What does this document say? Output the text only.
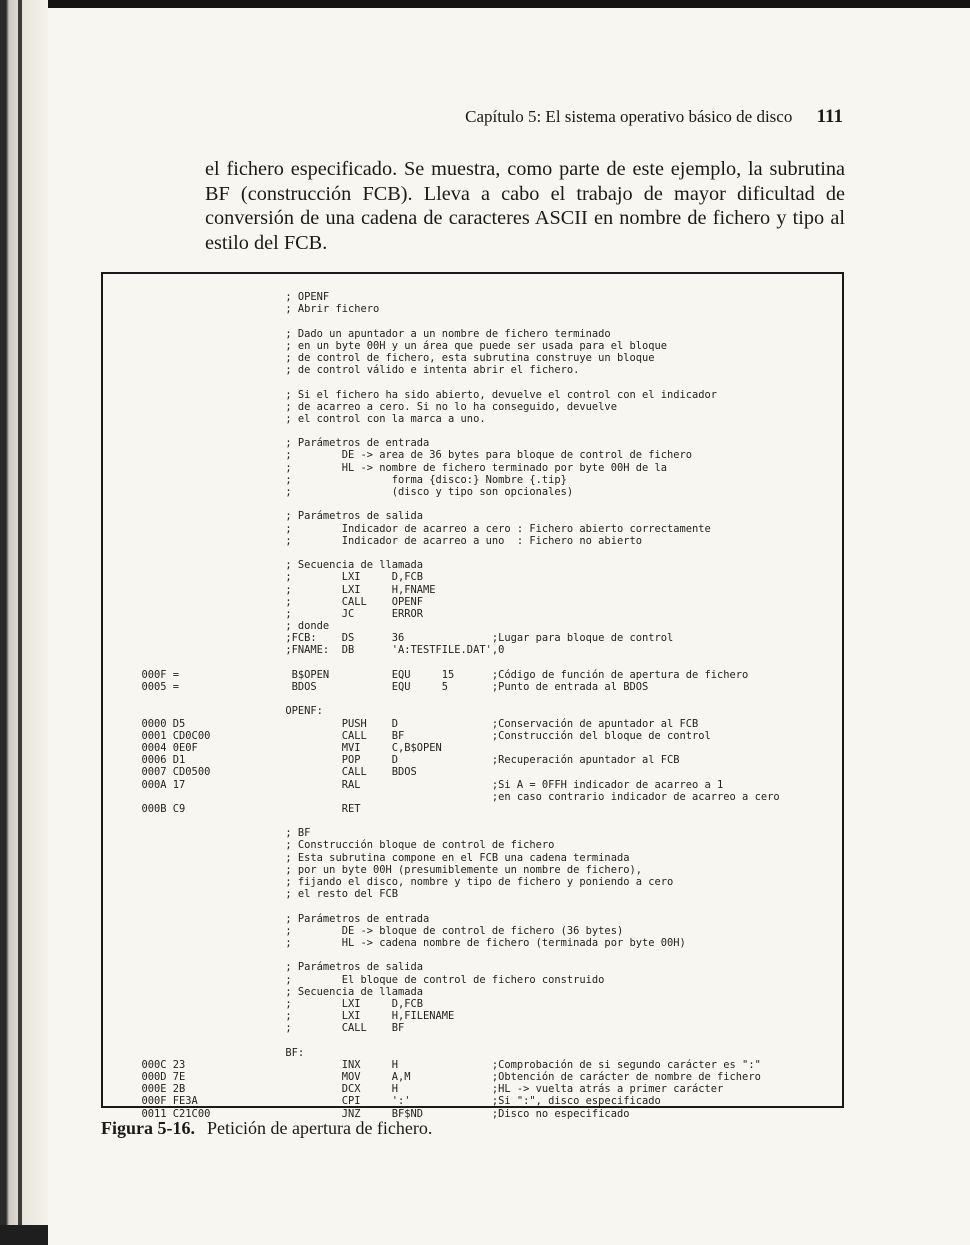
Capítulo 5: El sistema operativo básico de disco 111

el fichero especificado. Se muestra, como parte de este ejemplo, la subrutina BF (construcción FCB). Lleva a cabo el trabajo de mayor dificultad de conversión de una cadena de caracteres ASCII en nombre de fichero y tipo al estilo del FCB.

; OPENF
; Abrir fichero
; Dado un apuntador a un nombre de fichero terminado
; en un byte 00H y un área que puede ser usada para el bloque
; de control de fichero, esta subrutina construye un bloque
; de control válido e intenta abrir el fichero.
; Si el fichero ha sido abierto, devuelve el control con el indicador
; de acarreo a cero. Si no lo ha conseguido, devuelve
; el control con la marca a uno.
; Parámetros de entrada
;        DE -> area de 36 bytes para bloque de control de fichero
;        HL -> nombre de fichero terminado por byte 00H de la
;                forma {disco:} Nombre {.tip}
;                (disco y tipo son opcionales)
; Parámetros de salida
;        Indicador de acarreo a cero : Fichero abierto correctamente
;        Indicador de acarreo a uno  : Fichero no abierto
; Secuencia de llamada
;        LXI     D,FCB
;        LXI     H,FNAME
;        CALL    OPENF
;        JC      ERROR
; donde
;FCB:    DS      36              ;Lugar para bloque de control
;FNAME:  DB      'A:TESTFILE.DAT',0
000F =                  B$OPEN          EQU     15      ;Código de función de apertura de fichero
0005 =                  BDOS            EQU     5       ;Punto de entrada al BDOS
OPENF:
0000 D5                         PUSH    D               ;Conservación de apuntador al FCB
0001 CD0C00                     CALL    BF              ;Construcción del bloque de control
0004 0E0F                       MVI     C,B$OPEN
0006 D1                         POP     D               ;Recuperación apuntador al FCB
0007 CD0500                     CALL    BDOS
000A 17                         RAL                     ;Si A = 0FFH indicador de acarreo a 1
;en caso contrario indicador de acarreo a cero
000B C9                         RET
; BF
; Construcción bloque de control de fichero
; Esta subrutina compone en el FCB una cadena terminada
; por un byte 00H (presumiblemente un nombre de fichero),
; fijando el disco, nombre y tipo de fichero y poniendo a cero
; el resto del FCB
; Parámetros de entrada
;        DE -> bloque de control de fichero (36 bytes)
;        HL -> cadena nombre de fichero (terminada por byte 00H)
; Parámetros de salida
;        El bloque de control de fichero construido
; Secuencia de llamada
;        LXI     D,FCB
;        LXI     H,FILENAME
;        CALL    BF
BF:
000C 23                         INX     H               ;Comprobación de si segundo carácter es ":"
000D 7E                         MOV     A,M             ;Obtención de carácter de nombre de fichero
000E 2B                         DCX     H               ;HL -> vuelta atrás a primer carácter
000F FE3A                       CPI     ':'             ;Si ":", disco especificado
0011 C21C00                     JNZ     BF$ND           ;Disco no especificado
Figura 5-16. Petición de apertura de fichero.
